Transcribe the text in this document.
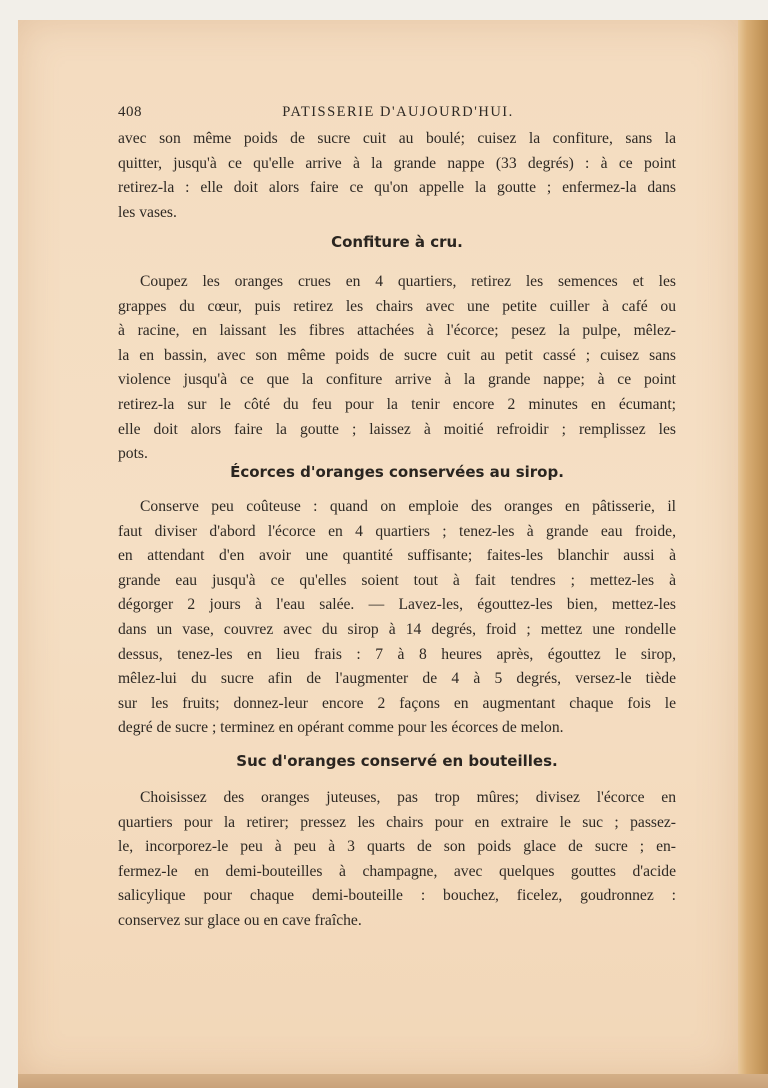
408	PATISSERIE D'AUJOURD'HUI.
avec son même poids de sucre cuit au boulé; cuisez la confiture, sans la
quitter, jusqu'à ce qu'elle arrive à la grande nappe (33 degrés) : à ce point
retirez-la : elle doit alors faire ce qu'on appelle la goutte ; enfermez-la dans
les vases.
Confiture à cru.
Coupez les oranges crues en 4 quartiers, retirez les semences et les
grappes du cœur, puis retirez les chairs avec une petite cuiller à café ou
à racine, en laissant les fibres attachées à l'écorce; pesez la pulpe, mêlez-
la en bassin, avec son même poids de sucre cuit au petit cassé ; cuisez sans
violence jusqu'à ce que la confiture arrive à la grande nappe; à ce point
retirez-la sur le côté du feu pour la tenir encore 2 minutes en écumant;
elle doit alors faire la goutte ; laissez à moitié refroidir ; remplissez les
pots.
Écorces d'oranges conservées au sirop.
Conserve peu coûteuse : quand on emploie des oranges en pâtisserie, il
faut diviser d'abord l'écorce en 4 quartiers ; tenez-les à grande eau froide,
en attendant d'en avoir une quantité suffisante; faites-les blanchir aussi à
grande eau jusqu'à ce qu'elles soient tout à fait tendres ; mettez-les à
dégorger 2 jours à l'eau salée. — Lavez-les, égouttez-les bien, mettez-les
dans un vase, couvrez avec du sirop à 14 degrés, froid ; mettez une rondelle
dessus, tenez-les en lieu frais : 7 à 8 heures après, égouttez le sirop,
mêlez-lui du sucre afin de l'augmenter de 4 à 5 degrés, versez-le tiède
sur les fruits; donnez-leur encore 2 façons en augmentant chaque fois le
degré de sucre ; terminez en opérant comme pour les écorces de melon.
Suc d'oranges conservé en bouteilles.
Choisissez des oranges juteuses, pas trop mûres; divisez l'écorce en
quartiers pour la retirer; pressez les chairs pour en extraire le suc ; passez-
le, incorporez-le peu à peu à 3 quarts de son poids glace de sucre ; en-
fermez-le en demi-bouteilles à champagne, avec quelques gouttes d'acide
salicylique pour chaque demi-bouteille : bouchez, ficelez, goudronnez :
conservez sur glace ou en cave fraîche.
